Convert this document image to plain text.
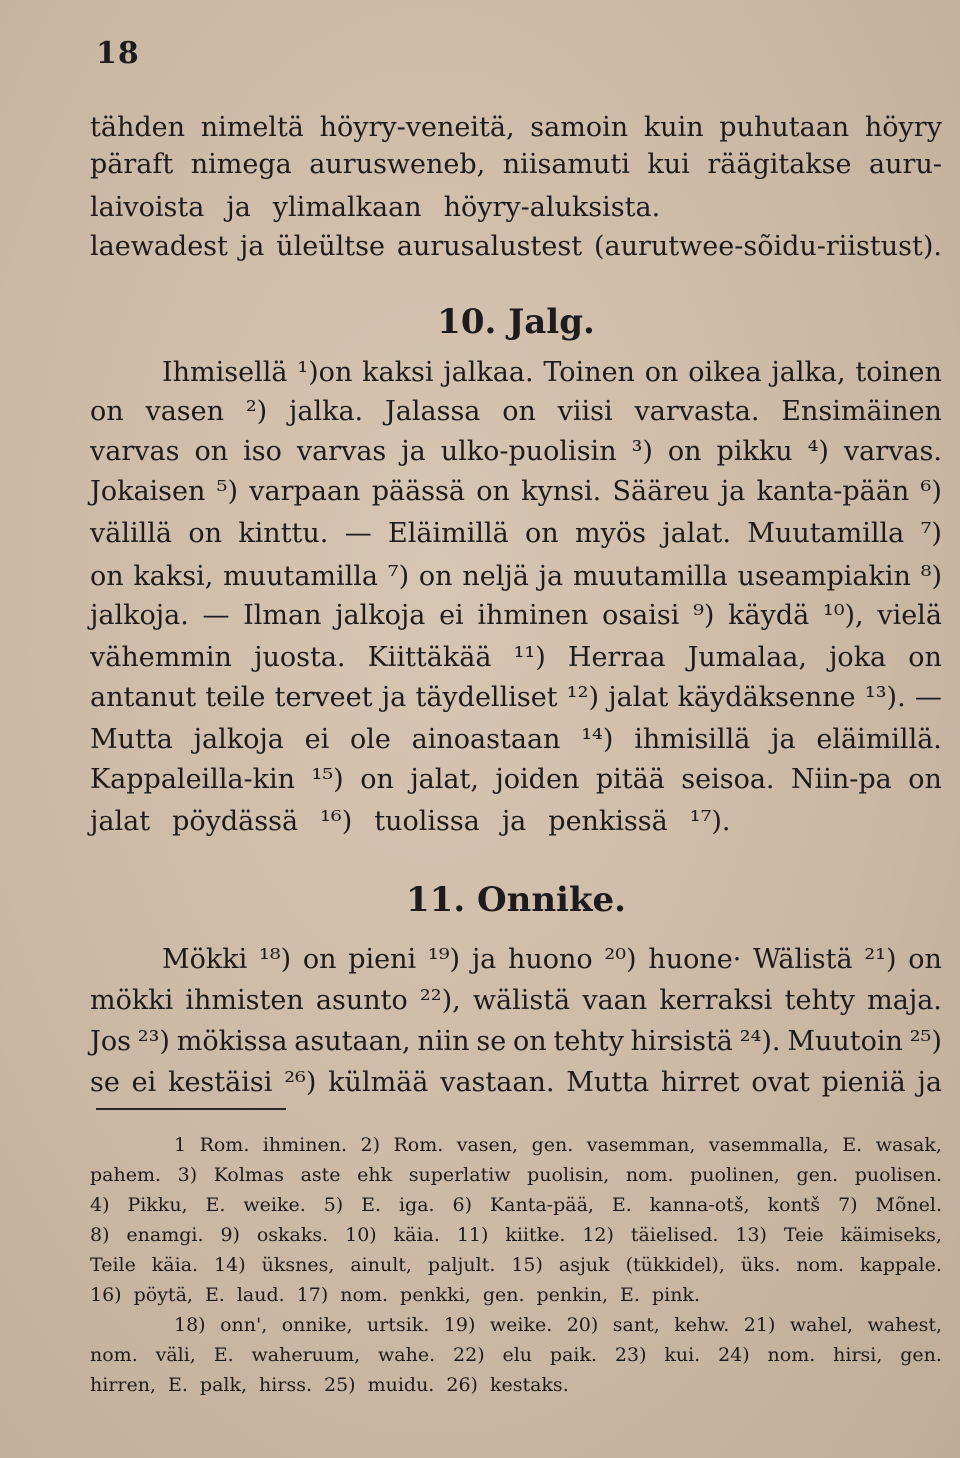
18
tähden nimeltä höyry-veneitä, samoin kuin puhutaan höyry
päraft nimega aurusweneb, niisamuti kui räägitakse auru-
laivoista ja ylimalkaan höyry-aluksista.
laewadest ja üleültse aurusalustest (aurutwee-sõidu-riistust).
10. Jalg.
Ihmisellä ¹)on kaksi jalkaa. Toinen on oikea jalka, toinen
on vasen ²) jalka. Jalassa on viisi varvasta. Ensimäinen
varvas on iso varvas ja ulko-puolisin ³) on pikku ⁴) varvas.
Jokaisen ⁵) varpaan päässä on kynsi. Sääreu ja kanta-pään ⁶)
välillä on kinttu. — Eläimillä on myös jalat. Muutamilla ⁷)
on kaksi, muutamilla ⁷) on neljä ja muutamilla useampiakin ⁸)
jalkoja. — Ilman jalkoja ei ihminen osaisi ⁹) käydä ¹⁰), vielä
vähemmin juosta. Kiittäkää ¹¹) Herraa Jumalaa, joka on
antanut teile terveet ja täydelliset ¹²) jalat käydäksenne ¹³). —
Mutta jalkoja ei ole ainoastaan ¹⁴) ihmisillä ja eläimillä.
Kappaleilla-kin ¹⁵) on jalat, joiden pitää seisoa. Niin-pa on
jalat pöydässä ¹⁶) tuolissa ja penkissä ¹⁷).
11. Onnike.
Mökki ¹⁸) on pieni ¹⁹) ja huono ²⁰) huone· Wälistä ²¹) on
mökki ihmisten asunto ²²), wälistä vaan kerraksi tehty maja.
Jos ²³) mökissa asutaan, niin se on tehty hirsistä ²⁴). Muutoin ²⁵)
se ei kestäisi ²⁶) külmää vastaan. Mutta hirret ovat pieniä ja
1 Rom. ihminen. 2) Rom. vasen, gen. vasemman, vasemmalla, E. wasak,
pahem. 3) Kolmas aste ehk superlatiw puolisin, nom. puolinen, gen. puolisen.
4) Pikku, E. weike. 5) E. iga. 6) Kanta-pää, E. kanna-otš, kontš 7) Mõnel.
8) enamgi. 9) oskaks. 10) käia. 11) kiitke. 12) täielised. 13) Teie käimiseks,
Teile käia. 14) üksnes, ainult, paljult. 15) asjuk (tükkidel), üks. nom. kappale.
16) pöytä, E. laud. 17) nom. penkki, gen. penkin, E. pink.
18) onn', onnike, urtsik. 19) weike. 20) sant, kehw. 21) wahel, wahest,
nom. väli, E. waheruum, wahe. 22) elu paik. 23) kui. 24) nom. hirsi, gen.
hirren, E. palk, hirss. 25) muidu. 26) kestaks.
